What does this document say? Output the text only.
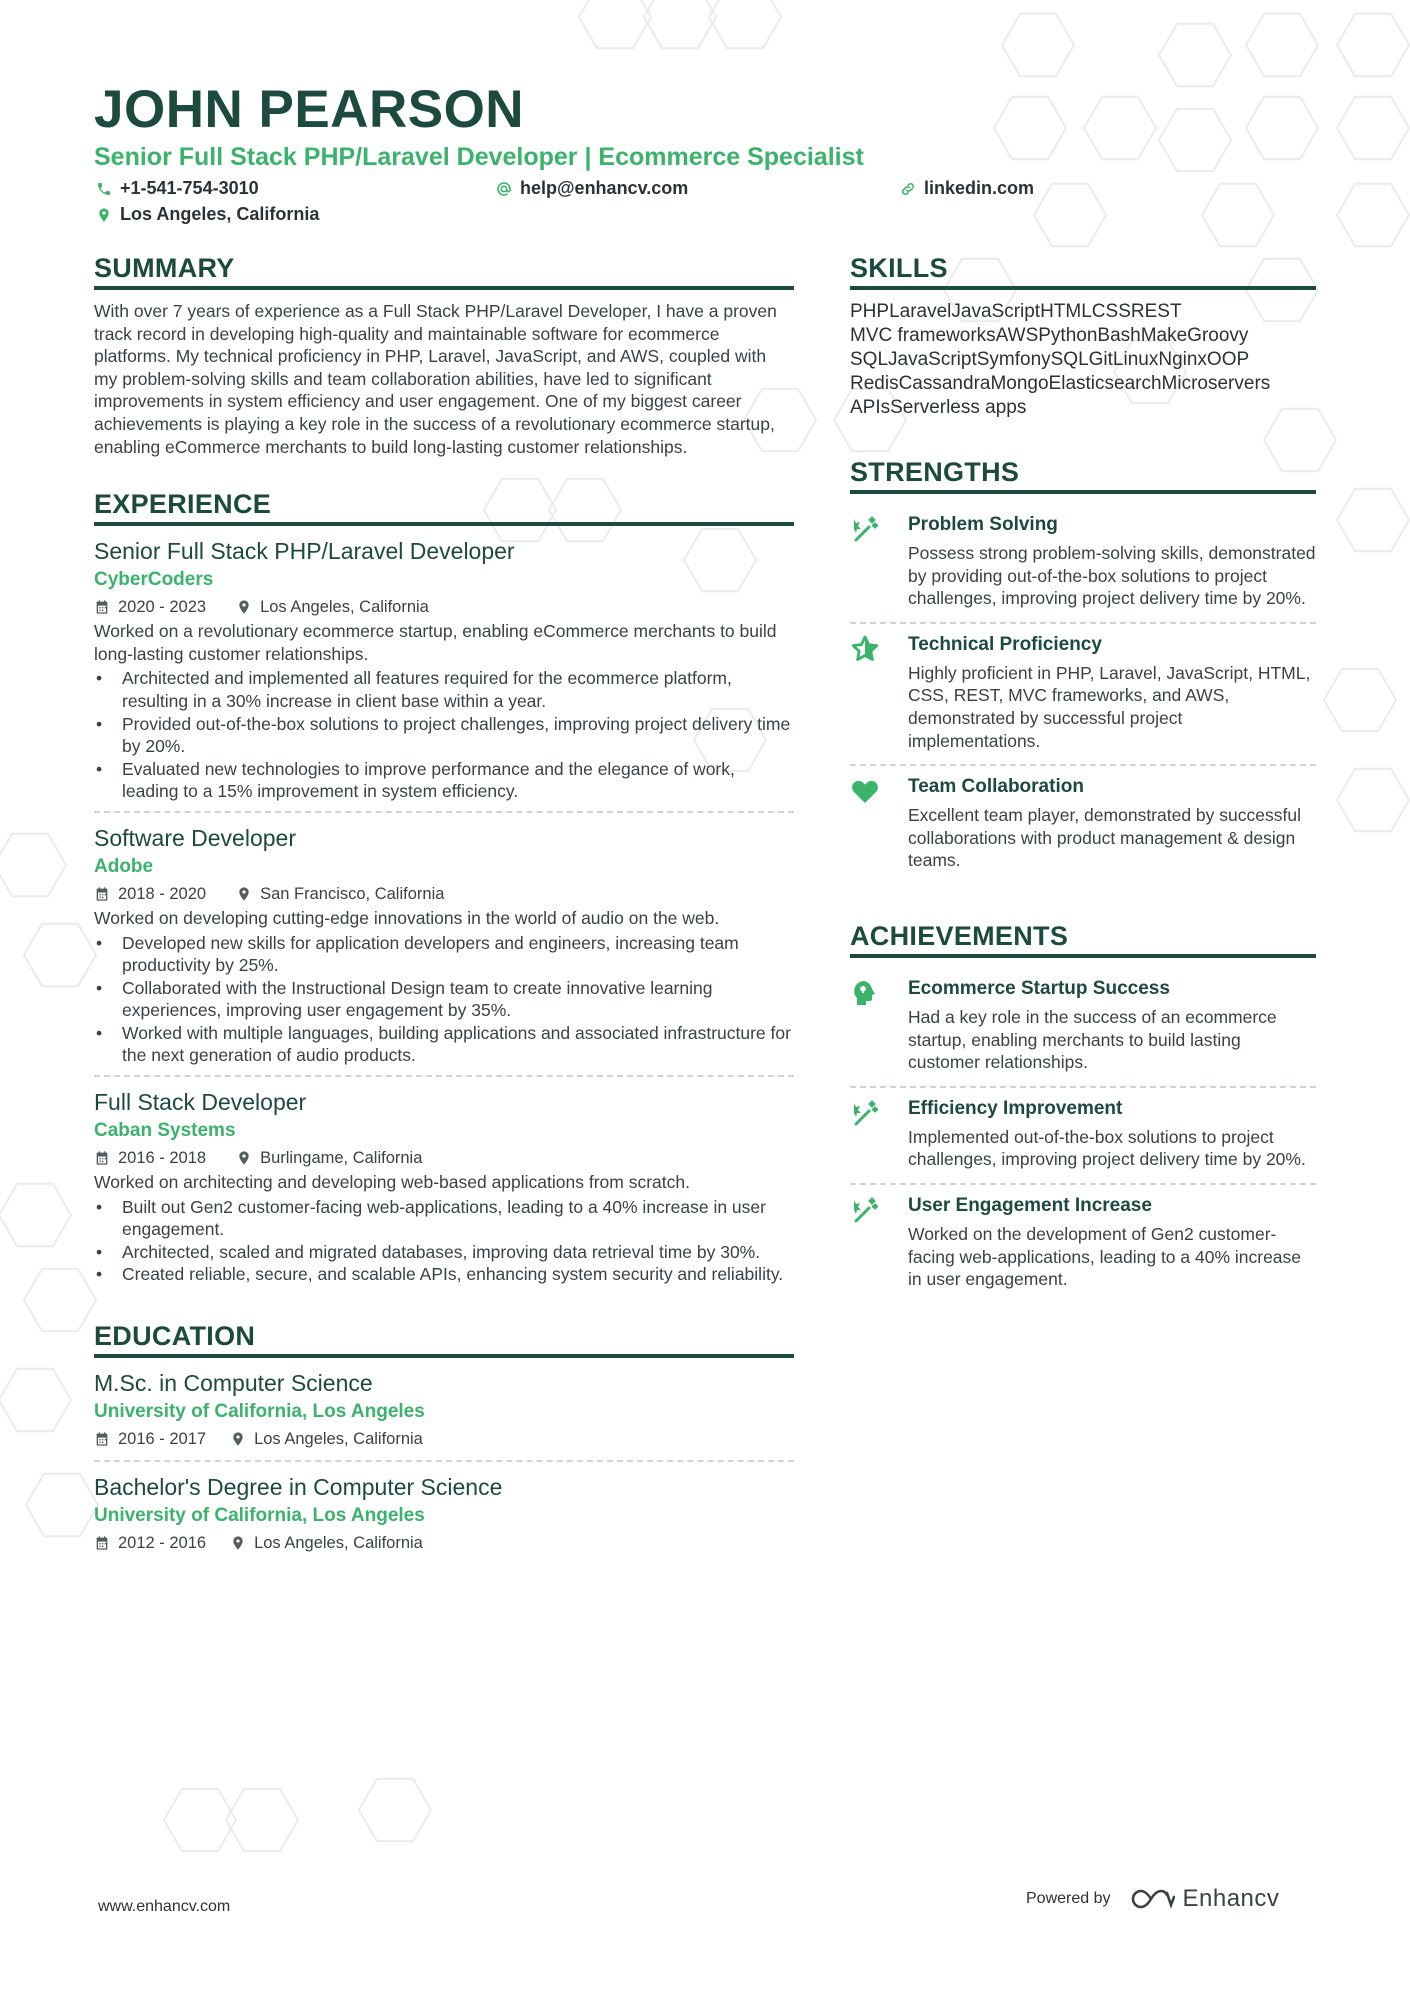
JOHN PEARSON
Senior Full Stack PHP/Laravel Developer | Ecommerce Specialist
+1-541-754-3010	help@enhancv.com	linkedin.com
Los Angeles, California
SUMMARY
With over 7 years of experience as a Full Stack PHP/Laravel Developer, I have a proven track record in developing high-quality and maintainable software for ecommerce platforms. My technical proficiency in PHP, Laravel, JavaScript, and AWS, coupled with my problem-solving skills and team collaboration abilities, have led to significant improvements in system efficiency and user engagement. One of my biggest career achievements is playing a key role in the success of a revolutionary ecommerce startup, enabling eCommerce merchants to build long-lasting customer relationships.
EXPERIENCE
Senior Full Stack PHP/Laravel Developer
CyberCoders
2020 - 2023	Los Angeles, California
Worked on a revolutionary ecommerce startup, enabling eCommerce merchants to build long-lasting customer relationships.
• Architected and implemented all features required for the ecommerce platform, resulting in a 30% increase in client base within a year.
• Provided out-of-the-box solutions to project challenges, improving project delivery time by 20%.
• Evaluated new technologies to improve performance and the elegance of work, leading to a 15% improvement in system efficiency.
Software Developer
Adobe
2018 - 2020	San Francisco, California
Worked on developing cutting-edge innovations in the world of audio on the web.
• Developed new skills for application developers and engineers, increasing team productivity by 25%.
• Collaborated with the Instructional Design team to create innovative learning experiences, improving user engagement by 35%.
• Worked with multiple languages, building applications and associated infrastructure for the next generation of audio products.
Full Stack Developer
Caban Systems
2016 - 2018	Burlingame, California
Worked on architecting and developing web-based applications from scratch.
• Built out Gen2 customer-facing web-applications, leading to a 40% increase in user engagement.
• Architected, scaled and migrated databases, improving data retrieval time by 30%.
• Created reliable, secure, and scalable APIs, enhancing system security and reliability.
EDUCATION
M.Sc. in Computer Science
University of California, Los Angeles
2016 - 2017	Los Angeles, California
Bachelor's Degree in Computer Science
University of California, Los Angeles
2012 - 2016	Los Angeles, California
SKILLS
PHPLaravelJavaScriptHTMLCSSREST
MVC frameworksAWSPythonBashMakeGroovy
SQLJavaScriptSymfonySQLGitLinuxNginxOOP
RedisCassandraMongoElasticsearchMicroservers
APIsServerless apps
STRENGTHS
Problem Solving
Possess strong problem-solving skills, demonstrated by providing out-of-the-box solutions to project challenges, improving project delivery time by 20%.
Technical Proficiency
Highly proficient in PHP, Laravel, JavaScript, HTML, CSS, REST, MVC frameworks, and AWS, demonstrated by successful project implementations.
Team Collaboration
Excellent team player, demonstrated by successful collaborations with product management & design teams.
ACHIEVEMENTS
Ecommerce Startup Success
Had a key role in the success of an ecommerce startup, enabling merchants to build lasting customer relationships.
Efficiency Improvement
Implemented out-of-the-box solutions to project challenges, improving project delivery time by 20%.
User Engagement Increase
Worked on the development of Gen2 customer-facing web-applications, leading to a 40% increase in user engagement.
www.enhancv.com	Powered by	Enhancv
